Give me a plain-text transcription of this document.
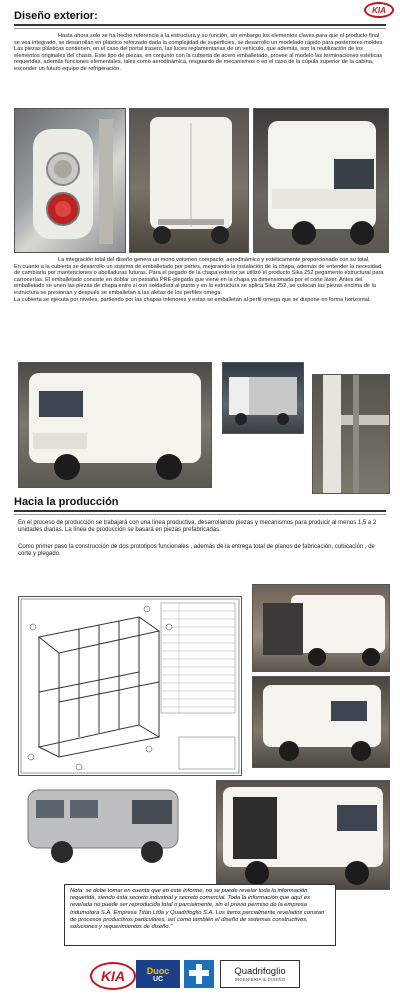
Diseño exterior:	KIA
Hasta ahora solo se ha hecho referencia a la estructura y su función, sin embargo los elementos claves para que el producto final se vea integrado, se desarrollan en plástico reforzado dada la complejidad de superficies, se desarrollo un modelado rápido para posteriores moldes. Las piezas plásticas contienen, en el caso del portal trasero, las luces reglamentarias de un vehículo, que además, son la reutilización de los elementos originales del chasis. Este tipo de piezas, en conjunto con la cubierta de acero emballetado, provee al modelo las terminaciones estéticas requeridas, además funciones elementales, tales como aerodinámica, resguardo de mecanismos o en el caso de la cúpula superior de la cabina, esconder un futuro equipo de refrigeración.
La integración total del diseño genera un mono volumen compacto, aerodinámico y estéticamente proporcionado con su total.
En cuanto a la cubierta se desarrollo un sistema de emballetado por partes, mejorando la instalación de la chapa, además de entender la necesidad de cambiarla por mantenciones o abolladuras futuras. Para el pegado de la chapa exterior se utilizó el producto Sika 252 pegamento estructural para carrocerías. El emballetado consiste en doblar un pestaña PRE-plegada que viene en la chapa ya dimensionada por el corte láser. Antes del emballetado se unen las piezas de chapa entre si con soldadura al punto y en la estructura se aplica Sika 252, se colocan las piezas encima de la estructura se presionan y después se emballetan a las aletas de los perfiles omega.
La cubierta se ejecuta por niveles, partiendo por las chapas inferiores y estas se emballetan al perfil omega que se dispone en forma horizontal.
Hacia la producción
En el proceso de producción se trabajará con una línea productiva, desarrollando piezas y mecanismos para producir al menos 1,5 a 2 unidades diarias. La línea de producción se basará en piezas prefabricadas.
Como primer paso la construcción de dos prototipos funcionales , además de la entrega total de planos de fabricación, cubicación , de corte y plegado.
Nota: se debe tomar en cuenta que en este informe, no se puede revelar toda la información requerida, siendo ésta secreto industrial y secreto comercial. Toda la información que aquí es revelada no puede ser reproducida total o parcialmente, sin el previo permiso de la empresa Indumotora S.A. Empresa Titán Ltda y Quadrifoglio S.A. Los ítems parcialmente revelados constan de procesos productivos particulares, así como también el diseño de sistemas constructivos, soluciones y requerimientos de diseño."
KIA Duoc
UC
Quadrifoglio
INGENIERIA & DISEÑO
